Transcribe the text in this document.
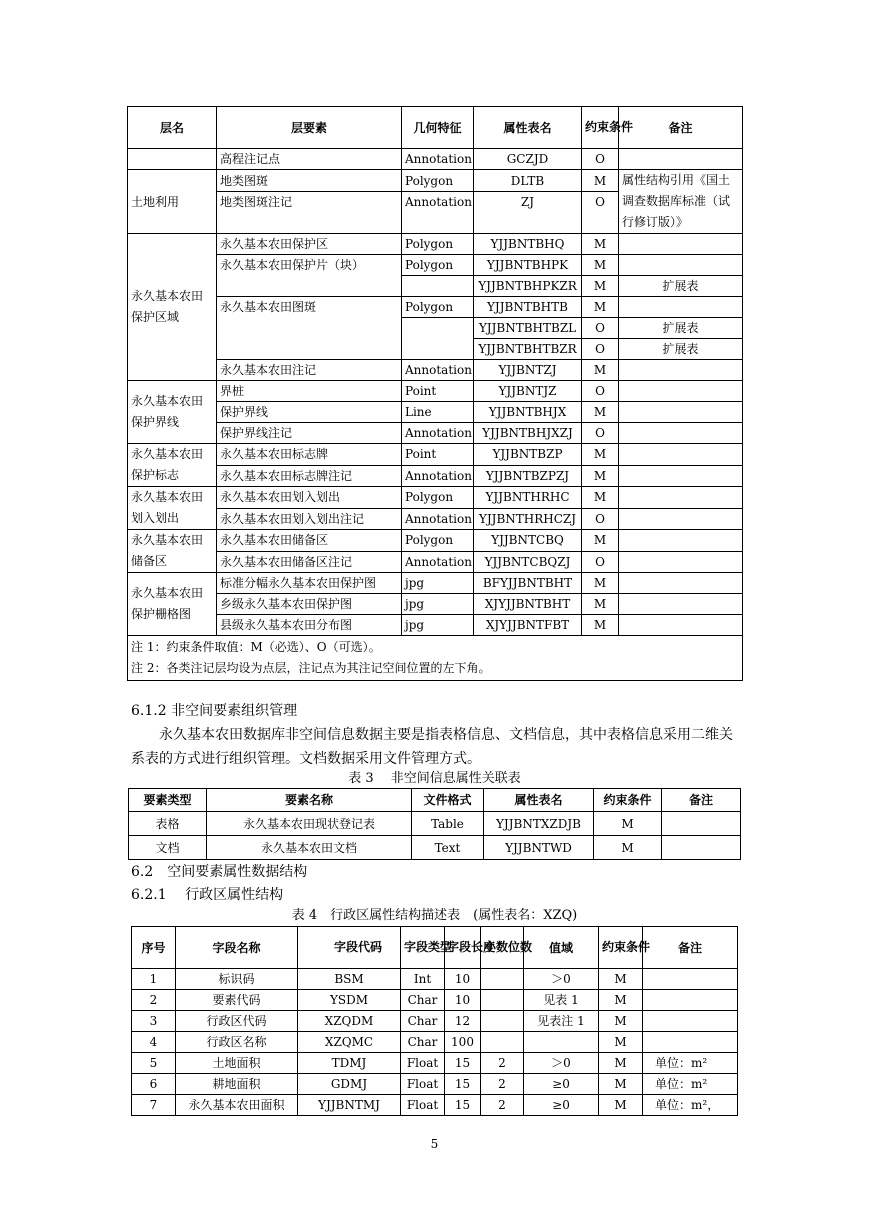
层名	层要素	几何特征	属性表名	约束条件	备注
	高程注记点	Annotation	GCZJD	O	
土地利用	地类图斑	Polygon	DLTB	M	属性结构引用《国土调查数据库标准（试行修订版）》
	地类图斑注记	Annotation	ZJ	O	
永久基本农田保护区域	永久基本农田保护区	Polygon	YJJBNTBHQ	M	
	永久基本农田保护片（块）	Polygon	YJJBNTBHPK	M	
			YJJBNTBHPKZR	M	扩展表
	永久基本农田图斑	Polygon	YJJBNTBHTB	M	
			YJJBNTBHTBZL	O	扩展表
			YJJBNTBHTBZR	O	扩展表
	永久基本农田注记	Annotation	YJJBNTZJ	M	
永久基本农田保护界线	界桩	Point	YJJBNTJZ	O	
	保护界线	Line	YJJBNTBHJX	M	
	保护界线注记	Annotation	YJJBNTBHJXZJ	O	
永久基本农田保护标志	永久基本农田标志牌	Point	YJJBNTBZP	M	
	永久基本农田标志牌注记	Annotation	YJJBNTBZPZJ	M	
永久基本农田划入划出	永久基本农田划入划出	Polygon	YJJBNTHRHC	M	
	永久基本农田划入划出注记	Annotation	YJJBNTHRHCZJ	O	
永久基本农田储备区	永久基本农田储备区	Polygon	YJJBNTCBQ	M	
	永久基本农田储备区注记	Annotation	YJJBNTCBQZJ	O	
永久基本农田保护栅格图	标准分幅永久基本农田保护图	jpg	BFYJJBNTBHT	M	
	乡级永久基本农田保护图	jpg	XJYJJBNTBHT	M	
	县级永久基本农田分布图	jpg	XJYJJBNTFBT	M	

注 1：约束条件取值：M（必选）、O（可选）。
注 2：各类注记层均设为点层，注记点为其注记空间位置的左下角。					
6.1.2 非空间要素组织管理
永久基本农田数据库非空间信息数据主要是指表格信息、文档信息，其中表格信息采用二维关系表的方式进行组织管理。文档数据采用文件管理方式。
表 3　 非空间信息属性关联表
要素类型	要素名称	文件格式	属性表名	约束条件	备注
表格	永久基本农田现状登记表	Table	YJJBNTXZDJB	M	
文档	永久基本农田文档	Text	YJJBNTWD	M	
6.2　空间要素属性数据结构
6.2.1　 行政区属性结构
表 4　行政区属性结构描述表　(属性表名：XZQ)
序号	字段名称	字段代码	字段类型	字段长度	小数位数	值域	约束条件	备注
1	标识码	BSM	Int	10		＞0	M	
2	要素代码	YSDM	Char	10		见表 1	M	
3	行政区代码	XZQDM	Char	12		见表注 1	M	
4	行政区名称	XZQMC	Char	100			M	
5	土地面积	TDMJ	Float	15	2	＞0	M	单位：m²
6	耕地面积	GDMJ	Float	15	2	≥0	M	单位：m²
7	永久基本农田面积	YJJBNTMJ	Float	15	2	≥0	M	单位：m²，
5
